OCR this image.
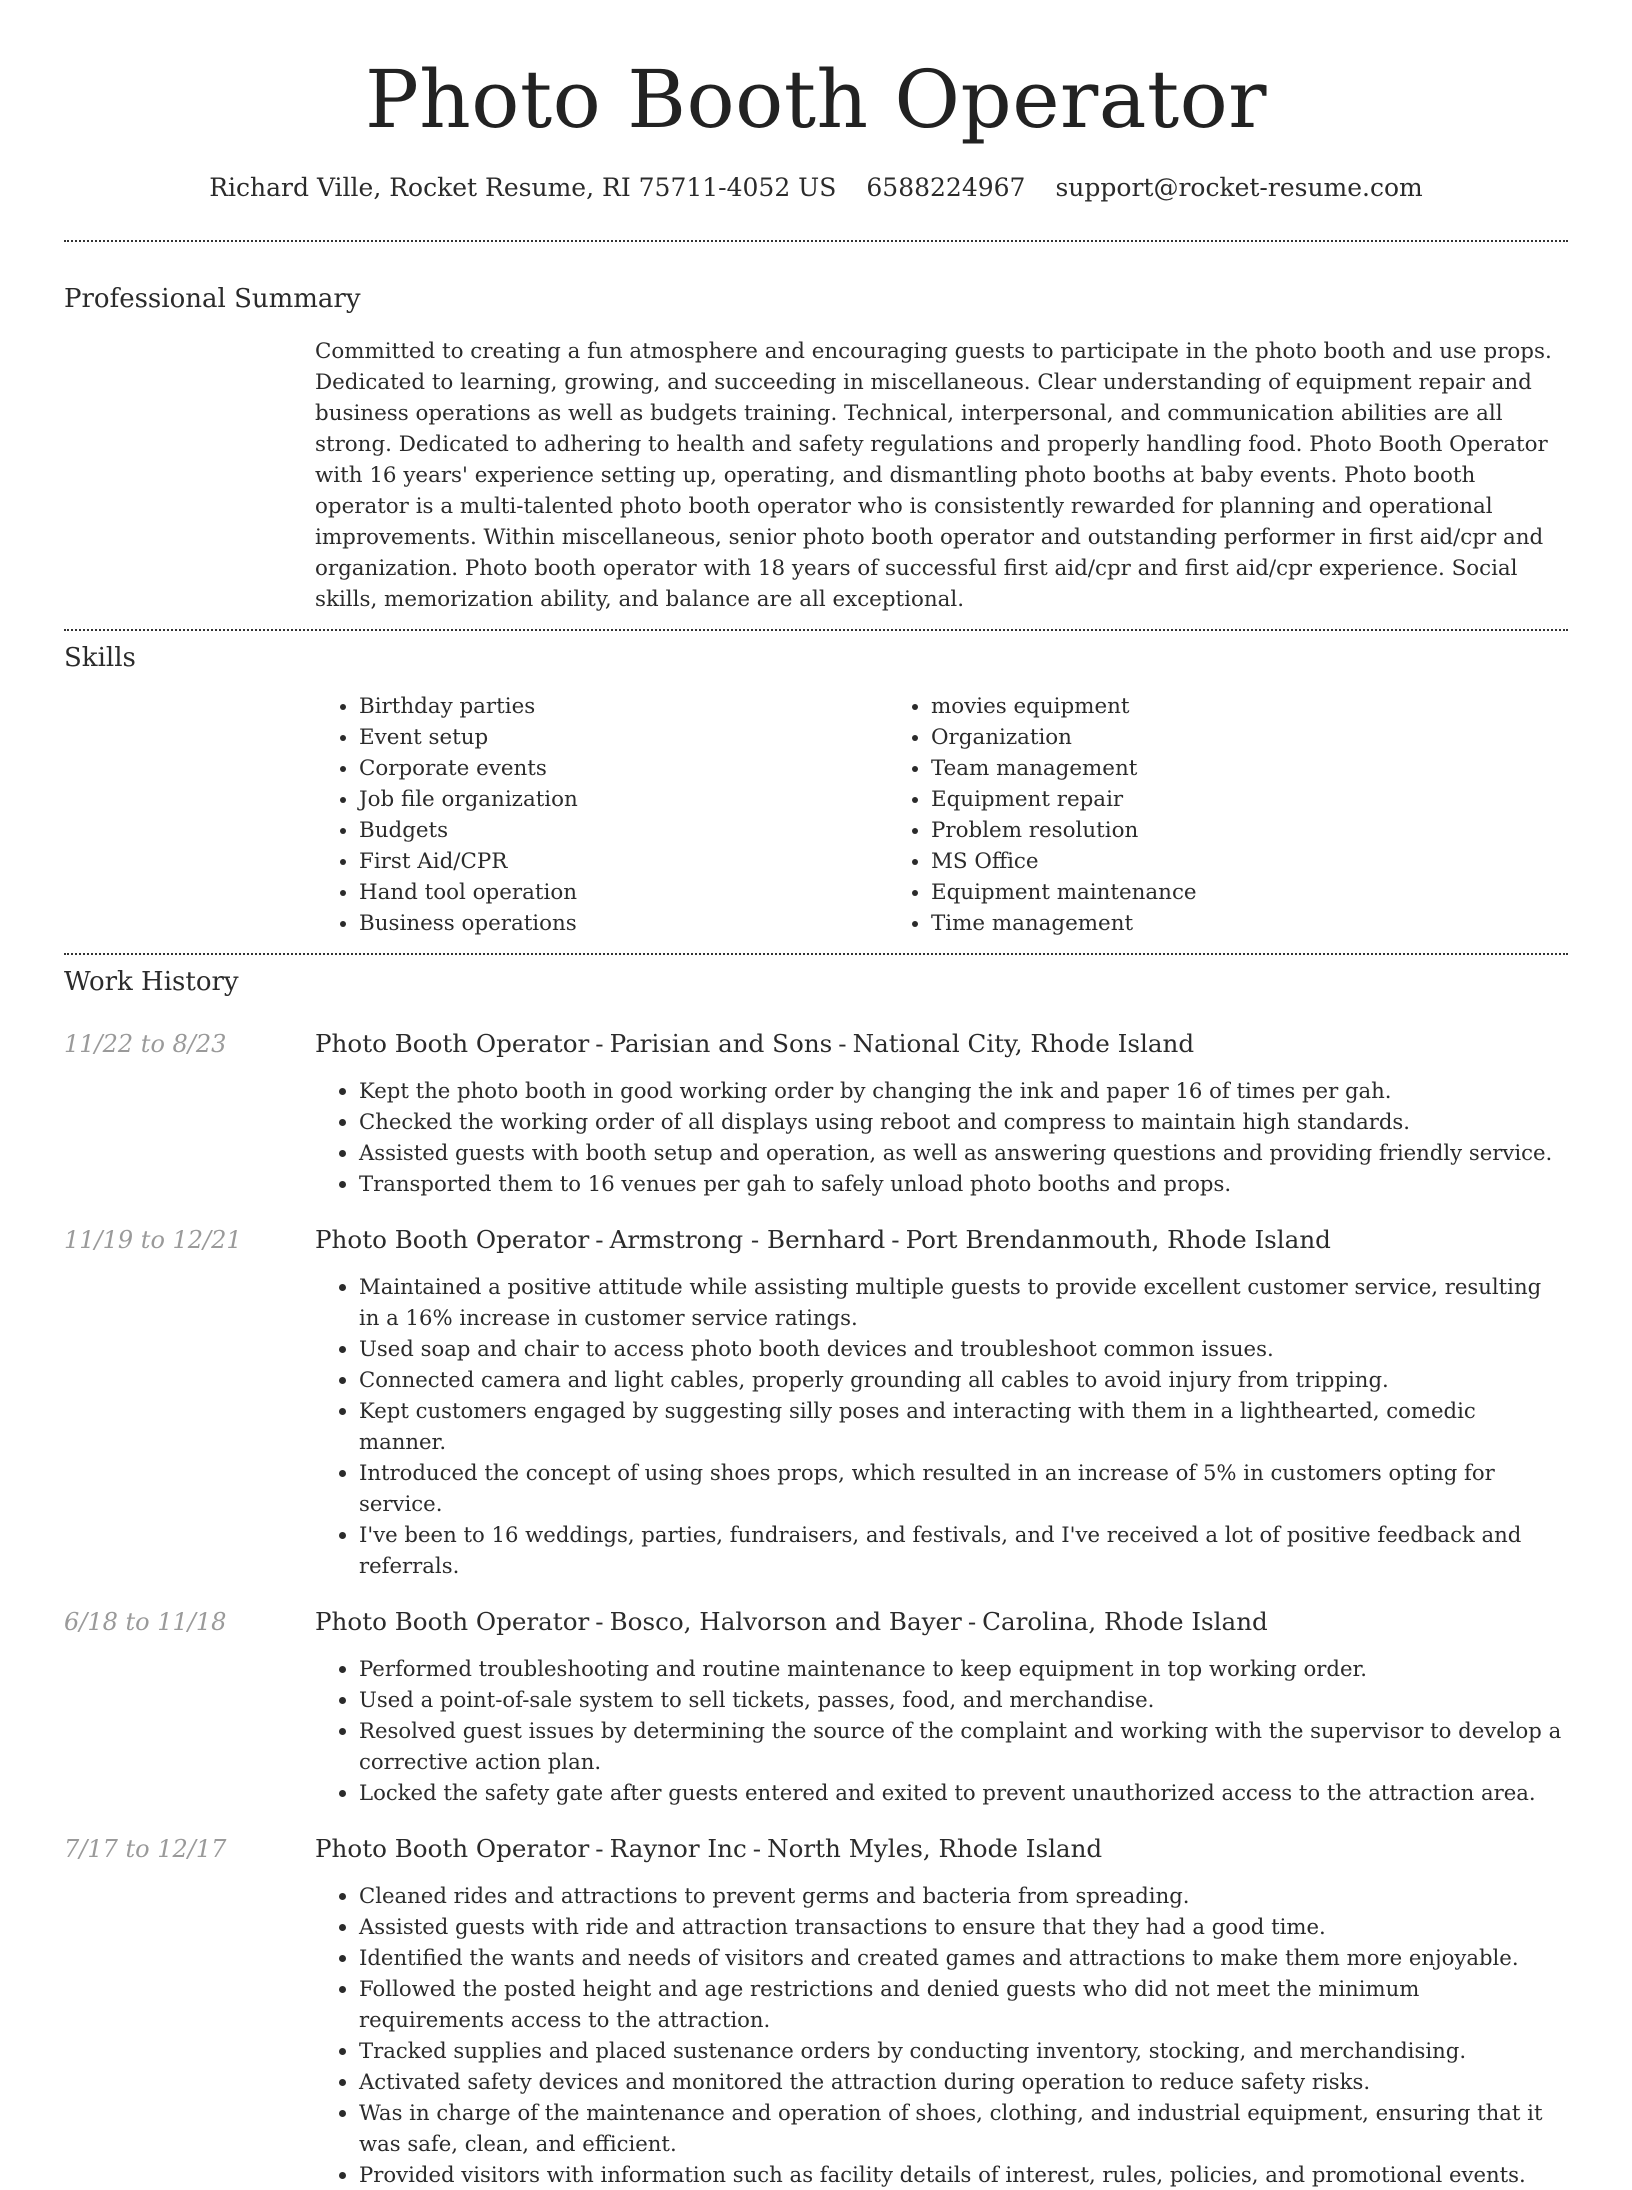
Photo Booth Operator
Richard Ville, Rocket Resume, RI 75711-4052 US 6588224967 support@rocket-resume.com
Professional Summary
Committed to creating a fun atmosphere and encouraging guests to participate in the photo booth and use props. Dedicated to learning, growing, and succeeding in miscellaneous. Clear understanding of equipment repair and business operations as well as budgets training. Technical, interpersonal, and communication abilities are all strong. Dedicated to adhering to health and safety regulations and properly handling food. Photo Booth Operator with 16 years' experience setting up, operating, and dismantling photo booths at baby events. Photo booth operator is a multi-talented photo booth operator who is consistently rewarded for planning and operational improvements. Within miscellaneous, senior photo booth operator and outstanding performer in first aid/cpr and organization. Photo booth operator with 18 years of successful first aid/cpr and first aid/cpr experience. Social skills, memorization ability, and balance are all exceptional.
Skills
• Birthday parties
• Event setup
• Corporate events
• Job file organization
• Budgets
• First Aid/CPR
• Hand tool operation
• Business operations
• movies equipment
• Organization
• Team management
• Equipment repair
• Problem resolution
• MS Office
• Equipment maintenance
• Time management
Work History
11/22 to 8/23	Photo Booth Operator - Parisian and Sons - National City, Rhode Island
• Kept the photo booth in good working order by changing the ink and paper 16 of times per gah.
• Checked the working order of all displays using reboot and compress to maintain high standards.
• Assisted guests with booth setup and operation, as well as answering questions and providing friendly service.
• Transported them to 16 venues per gah to safely unload photo booths and props.
11/19 to 12/21	Photo Booth Operator - Armstrong - Bernhard - Port Brendanmouth, Rhode Island
• Maintained a positive attitude while assisting multiple guests to provide excellent customer service, resulting in a 16% increase in customer service ratings.
• Used soap and chair to access photo booth devices and troubleshoot common issues.
• Connected camera and light cables, properly grounding all cables to avoid injury from tripping.
• Kept customers engaged by suggesting silly poses and interacting with them in a lighthearted, comedic manner.
• Introduced the concept of using shoes props, which resulted in an increase of 5% in customers opting for service.
• I've been to 16 weddings, parties, fundraisers, and festivals, and I've received a lot of positive feedback and referrals.
6/18 to 11/18	Photo Booth Operator - Bosco, Halvorson and Bayer - Carolina, Rhode Island
• Performed troubleshooting and routine maintenance to keep equipment in top working order.
• Used a point-of-sale system to sell tickets, passes, food, and merchandise.
• Resolved guest issues by determining the source of the complaint and working with the supervisor to develop a corrective action plan.
• Locked the safety gate after guests entered and exited to prevent unauthorized access to the attraction area.
7/17 to 12/17	Photo Booth Operator - Raynor Inc - North Myles, Rhode Island
• Cleaned rides and attractions to prevent germs and bacteria from spreading.
• Assisted guests with ride and attraction transactions to ensure that they had a good time.
• Identified the wants and needs of visitors and created games and attractions to make them more enjoyable.
• Followed the posted height and age restrictions and denied guests who did not meet the minimum requirements access to the attraction.
• Tracked supplies and placed sustenance orders by conducting inventory, stocking, and merchandising.
• Activated safety devices and monitored the attraction during operation to reduce safety risks.
• Was in charge of the maintenance and operation of shoes, clothing, and industrial equipment, ensuring that it was safe, clean, and efficient.
• Provided visitors with information such as facility details of interest, rules, policies, and promotional events.
